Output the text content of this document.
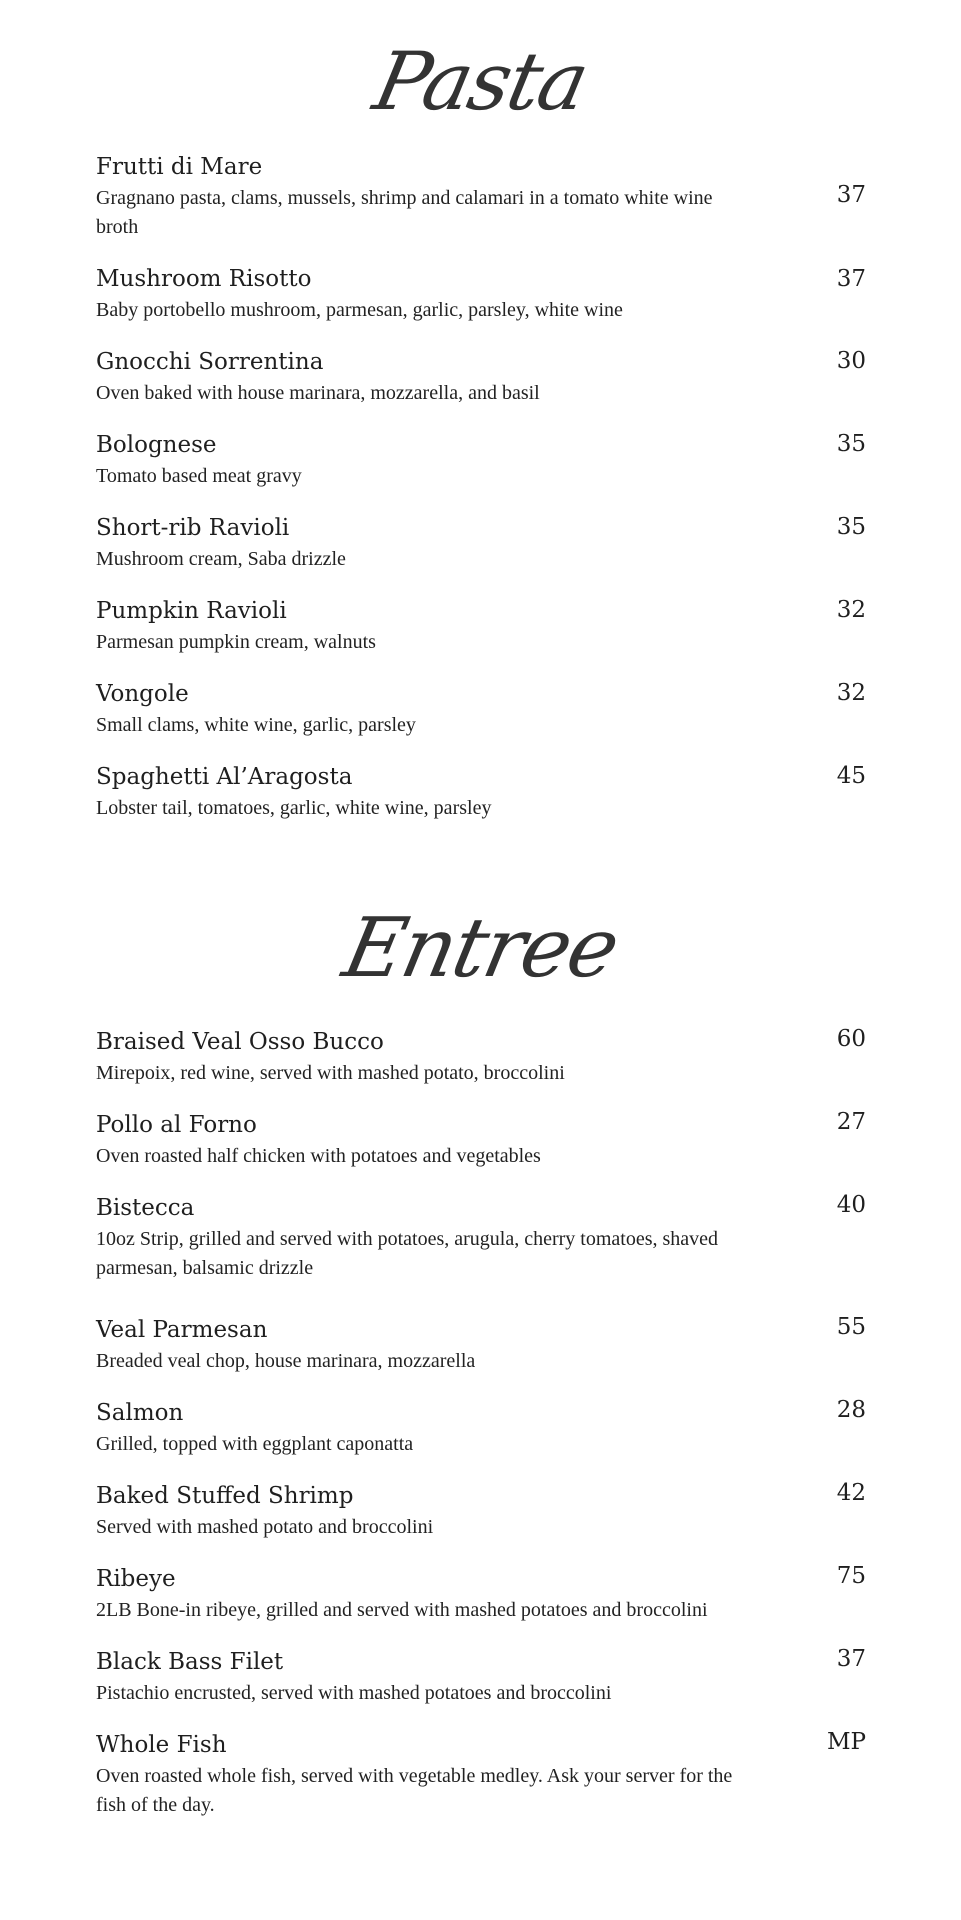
Pasta
Frutti di Mare
Gragnano pasta, clams, mussels, shrimp and calamari in a tomato white wine broth
37
Mushroom Risotto
Baby portobello mushroom, parmesan, garlic, parsley, white wine
37
Gnocchi Sorrentina
Oven baked with house marinara, mozzarella, and basil
30
Bolognese
Tomato based meat gravy
35
Short-rib Ravioli
Mushroom cream, Saba drizzle
35
Pumpkin Ravioli
Parmesan pumpkin cream, walnuts
32
Vongole
Small clams, white wine, garlic, parsley
32
Spaghetti Al’Aragosta
Lobster tail, tomatoes, garlic, white wine, parsley
45
Entree
Braised Veal Osso Bucco
Mirepoix, red wine, served with mashed potato, broccolini
60
Pollo al Forno
Oven roasted half chicken with potatoes and vegetables
27
Bistecca
10oz Strip, grilled and served with potatoes, arugula, cherry tomatoes, shaved parmesan, balsamic drizzle
40
Veal Parmesan
Breaded veal chop, house marinara, mozzarella
55
Salmon
Grilled, topped with eggplant caponatta
28
Baked Stuffed Shrimp
Served with mashed potato and broccolini
42
Ribeye
2LB Bone-in ribeye, grilled and served with mashed potatoes and broccolini
75
Black Bass Filet
Pistachio encrusted, served with mashed potatoes and broccolini
37
Whole Fish
Oven roasted whole fish, served with vegetable medley. Ask your server for the fish of the day.
MP
